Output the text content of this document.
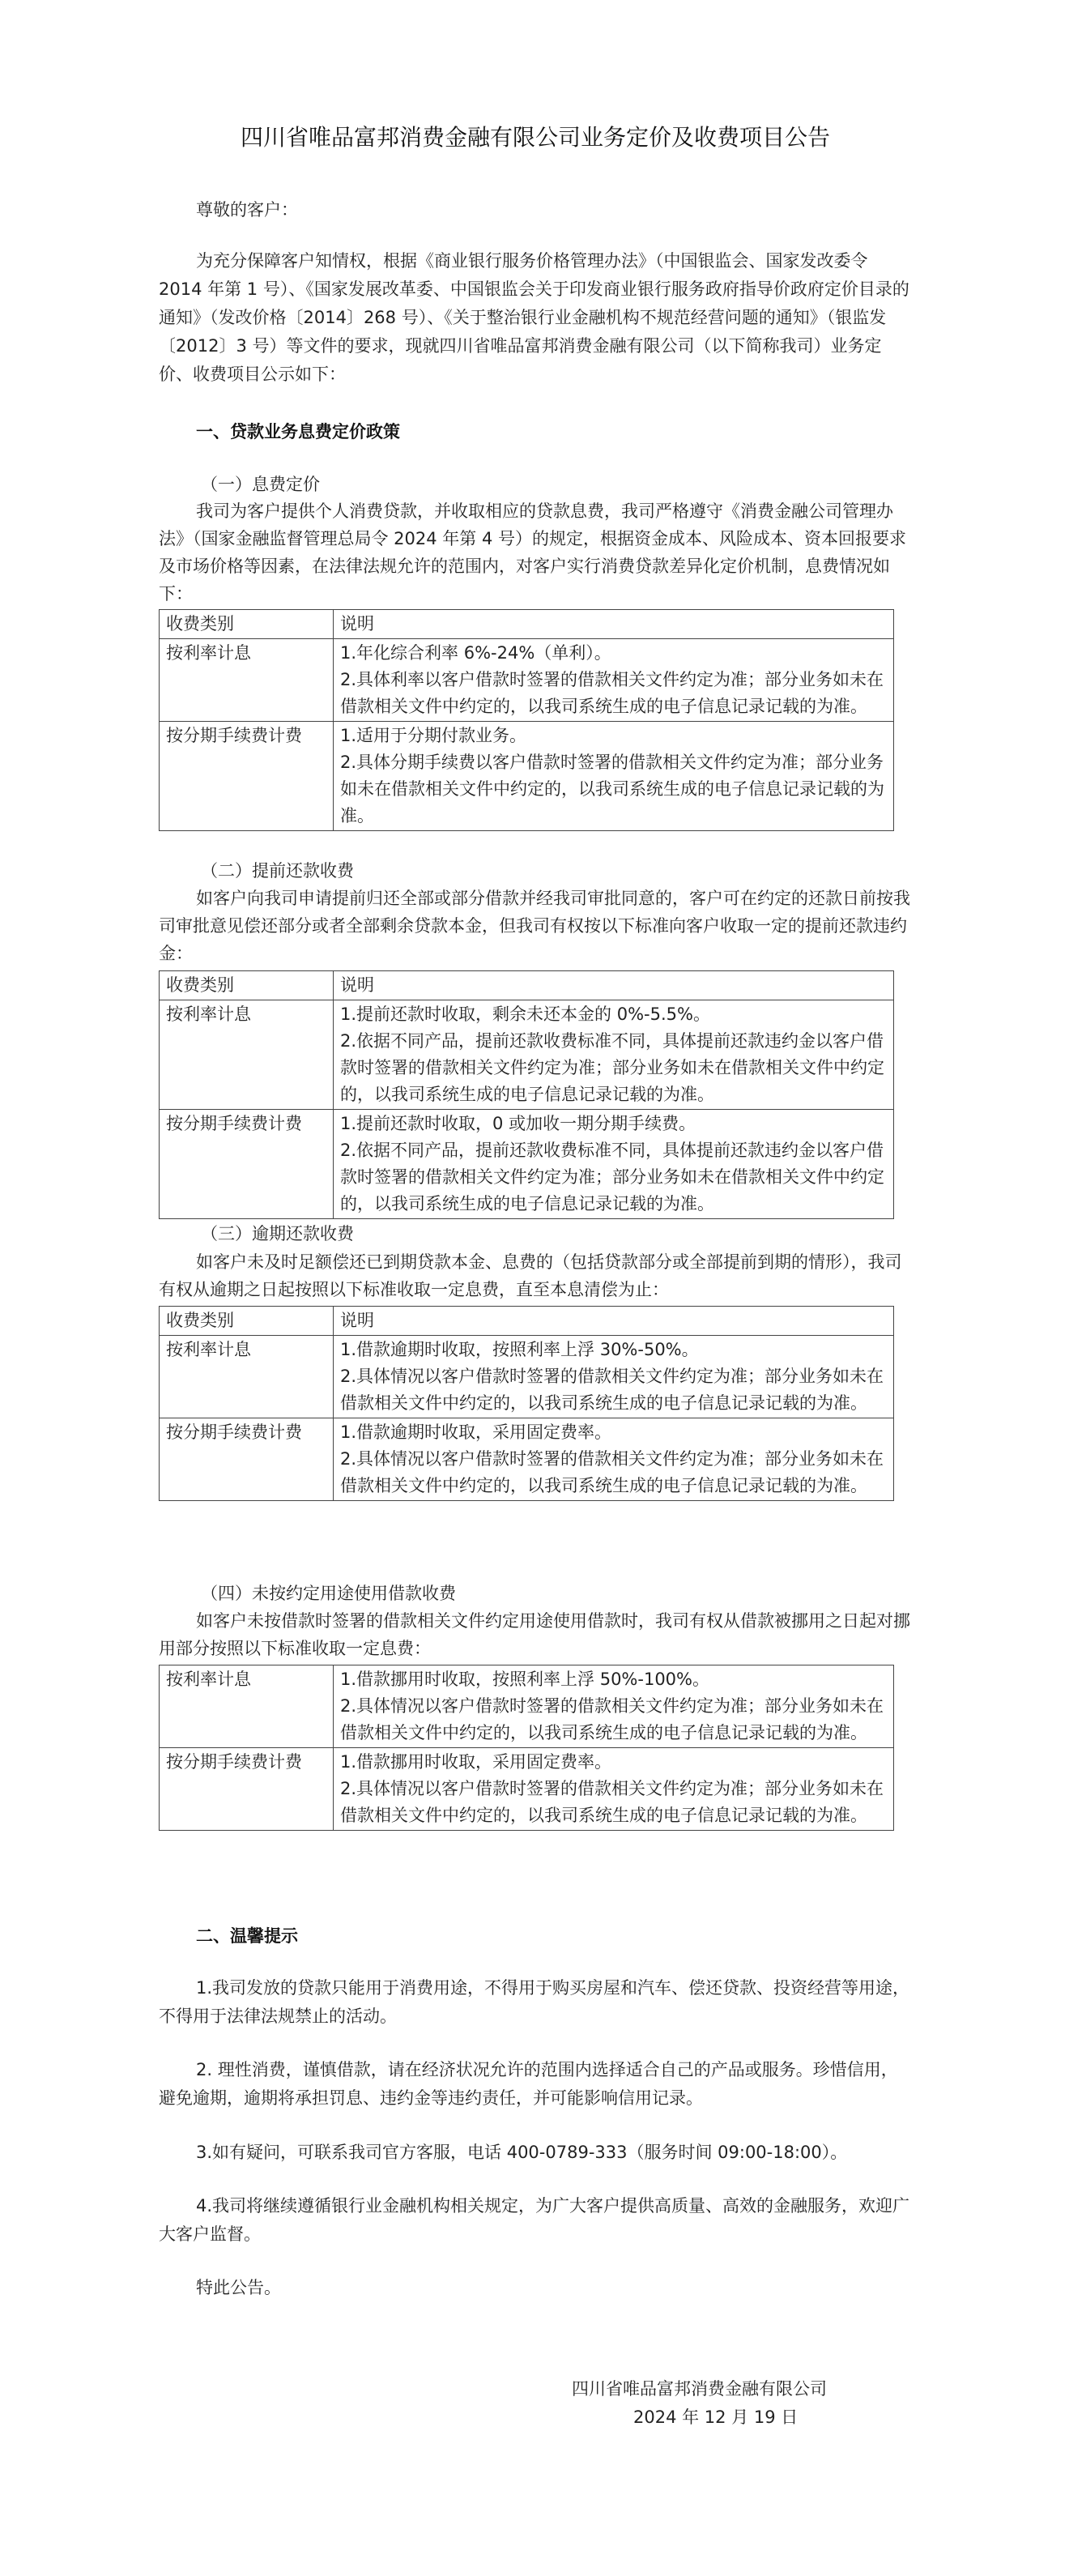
四川省唯品富邦消费金融有限公司业务定价及收费项目公告
尊敬的客户：
为充分保障客户知情权，根据《商业银行服务价格管理办法》（中国银监会、国家发改委令 2014 年第 1 号）、《国家发展改革委、中国银监会关于印发商业银行服务政府指导价政府定价目录的通知》（发改价格〔2014〕268 号）、《关于整治银行业金融机构不规范经营问题的通知》（银监发〔2012〕3 号）等文件的要求，现就四川省唯品富邦消费金融有限公司（以下简称我司）业务定价、收费项目公示如下：
一、贷款业务息费定价政策
（一）息费定价
我司为客户提供个人消费贷款，并收取相应的贷款息费，我司严格遵守《消费金融公司管理办法》（国家金融监督管理总局令 2024 年第 4 号）的规定，根据资金成本、风险成本、资本回报要求及市场价格等因素，在法律法规允许的范围内，对客户实行消费贷款差异化定价机制，息费情况如下：
收费类别	说明
按利率计息	1.年化综合利率 6%-24%（单利）。
2.具体利率以客户借款时签署的借款相关文件约定为准；部分业务如未在借款相关文件中约定的，以我司系统生成的电子信息记录记载的为准。

按分期手续费计费	1.适用于分期付款业务。
2.具体分期手续费以客户借款时签署的借款相关文件约定为准；部分业务如未在借款相关文件中约定的，以我司系统生成的电子信息记录记载的为准。
（二）提前还款收费
如客户向我司申请提前归还全部或部分借款并经我司审批同意的，客户可在约定的还款日前按我司审批意见偿还部分或者全部剩余贷款本金，但我司有权按以下标准向客户收取一定的提前还款违约金：
收费类别	说明
按利率计息	1.提前还款时收取，剩余未还本金的 0%-5.5%。
2.依据不同产品，提前还款收费标准不同，具体提前还款违约金以客户借款时签署的借款相关文件约定为准；部分业务如未在借款相关文件中约定的，以我司系统生成的电子信息记录记载的为准。

按分期手续费计费	1.提前还款时收取，0 或加收一期分期手续费。
2.依据不同产品，提前还款收费标准不同，具体提前还款违约金以客户借款时签署的借款相关文件约定为准；部分业务如未在借款相关文件中约定的，以我司系统生成的电子信息记录记载的为准。
（三）逾期还款收费
如客户未及时足额偿还已到期贷款本金、息费的（包括贷款部分或全部提前到期的情形），我司有权从逾期之日起按照以下标准收取一定息费，直至本息清偿为止：
收费类别	说明
按利率计息	1.借款逾期时收取，按照利率上浮 30%-50%。
2.具体情况以客户借款时签署的借款相关文件约定为准；部分业务如未在借款相关文件中约定的，以我司系统生成的电子信息记录记载的为准。

按分期手续费计费	1.借款逾期时收取，采用固定费率。
2.具体情况以客户借款时签署的借款相关文件约定为准；部分业务如未在借款相关文件中约定的，以我司系统生成的电子信息记录记载的为准。
（四）未按约定用途使用借款收费
如客户未按借款时签署的借款相关文件约定用途使用借款时，我司有权从借款被挪用之日起对挪用部分按照以下标准收取一定息费：
按利率计息	1.借款挪用时收取，按照利率上浮 50%-100%。
2.具体情况以客户借款时签署的借款相关文件约定为准；部分业务如未在借款相关文件中约定的，以我司系统生成的电子信息记录记载的为准。

按分期手续费计费	1.借款挪用时收取，采用固定费率。
2.具体情况以客户借款时签署的借款相关文件约定为准；部分业务如未在借款相关文件中约定的，以我司系统生成的电子信息记录记载的为准。
二、温馨提示
1.我司发放的贷款只能用于消费用途，不得用于购买房屋和汽车、偿还贷款、投资经营等用途，不得用于法律法规禁止的活动。
2. 理性消费，谨慎借款，请在经济状况允许的范围内选择适合自己的产品或服务。珍惜信用，避免逾期，逾期将承担罚息、违约金等违约责任，并可能影响信用记录。
3.如有疑问，可联系我司官方客服，电话 400-0789-333（服务时间 09:00-18:00）。
4.我司将继续遵循银行业金融机构相关规定，为广大客户提供高质量、高效的金融服务，欢迎广大客户监督。
特此公告。
四川省唯品富邦消费金融有限公司
2024 年 12 月 19 日
